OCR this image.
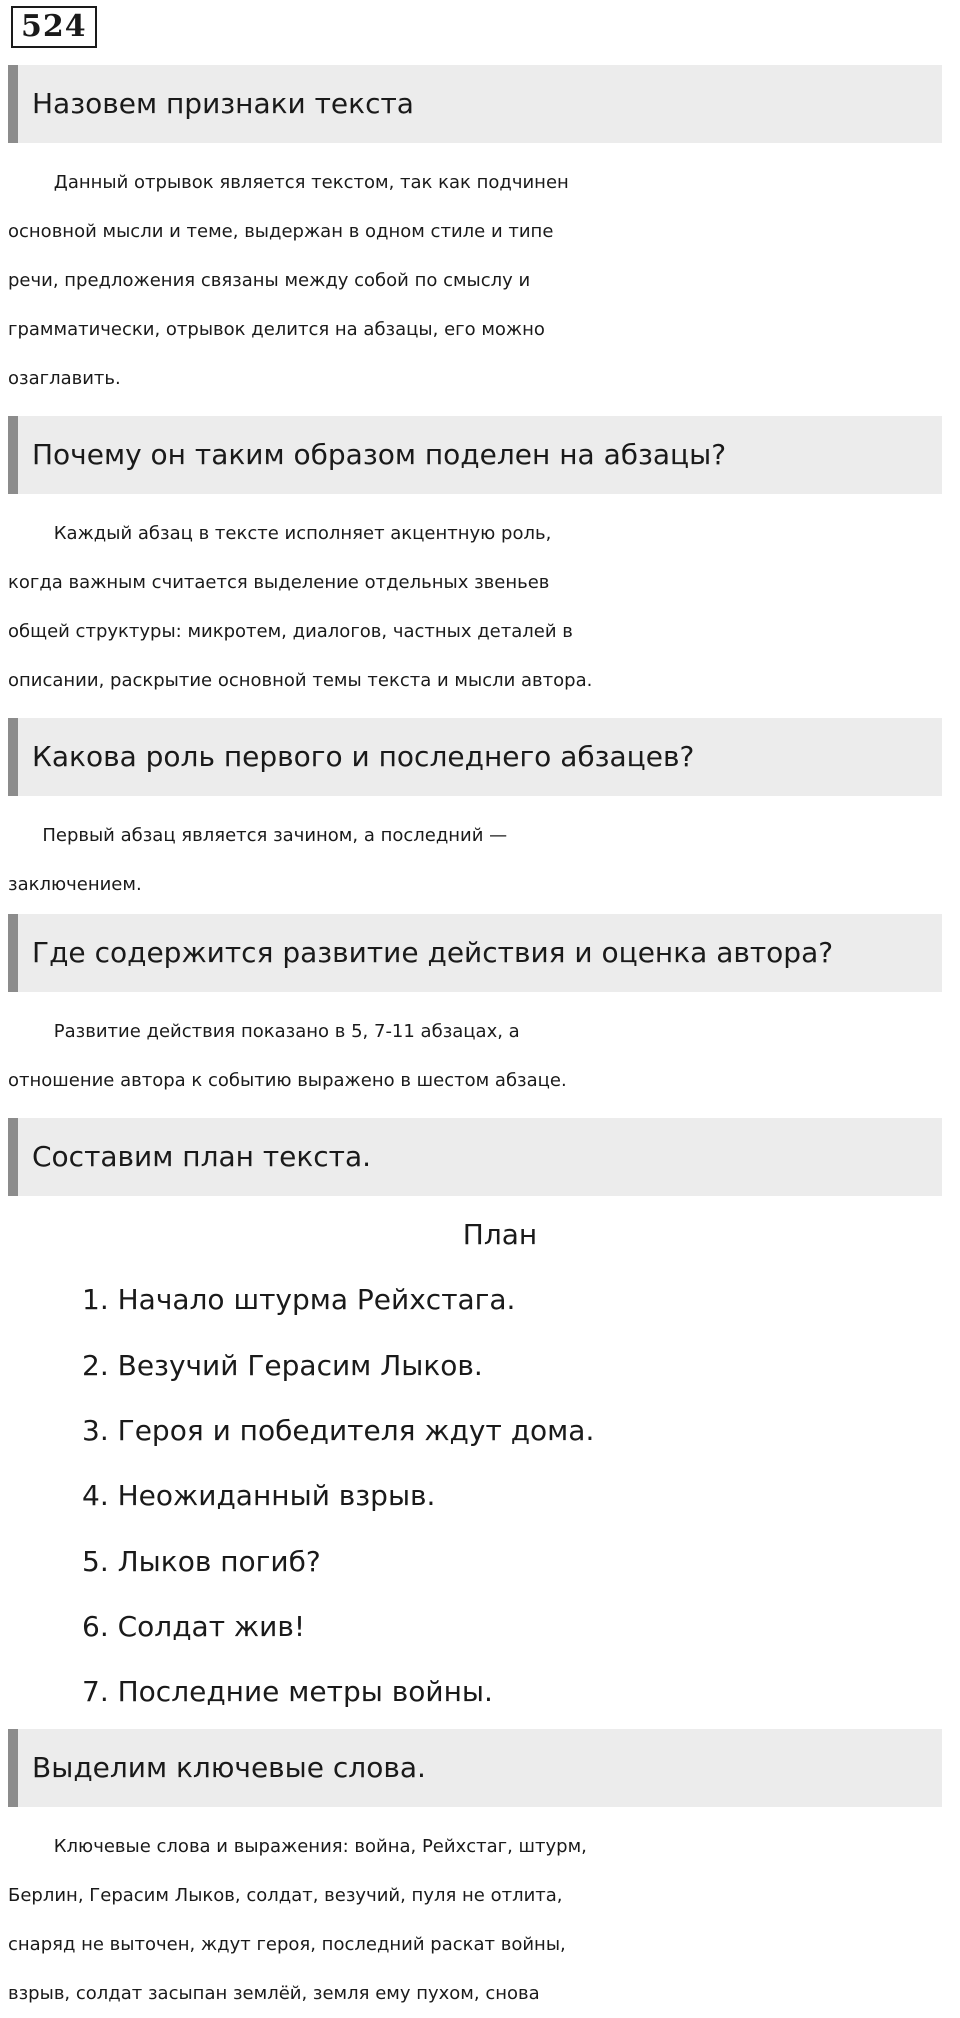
524
Назовем признаки текста

Данный отрывок является текстом, так как подчинен

основной мысли и теме, выдержан в одном стиле и типе

речи, предложения связаны между собой по смыслу и

грамматически, отрывок делится на абзацы, его можно

озаглавить.

Почему он таким образом поделен на абзацы?

Каждый абзац в тексте исполняет акцентную роль,

когда важным считается выделение отдельных звеньев

общей структуры: микротем, диалогов, частных деталей в

описании, раскрытие основной темы текста и мысли автора.

Какова роль первого и последнего абзацев?

Первый абзац является зачином, а последний —

заключением.

Где содержится развитие действия и оценка автора?

Развитие действия показано в 5, 7-11 абзацах, а

отношение автора к событию выражено в шестом абзаце.

Составим план текста.
План
1. Начало штурма Рейхстага.
2. Везучий Герасим Лыков.
3. Героя и победителя ждут дома.
4. Неожиданный взрыв.
5. Лыков погиб?
6. Солдат жив!
7. Последние метры войны.
Выделим ключевые слова.

Ключевые слова и выражения: война, Рейхстаг, штурм,

Берлин, Герасим Лыков, солдат, везучий, пуля не отлита,

снаряд не выточен, ждут героя, последний раскат войны,

взрыв, солдат засыпан землёй, земля ему пухом, снова
